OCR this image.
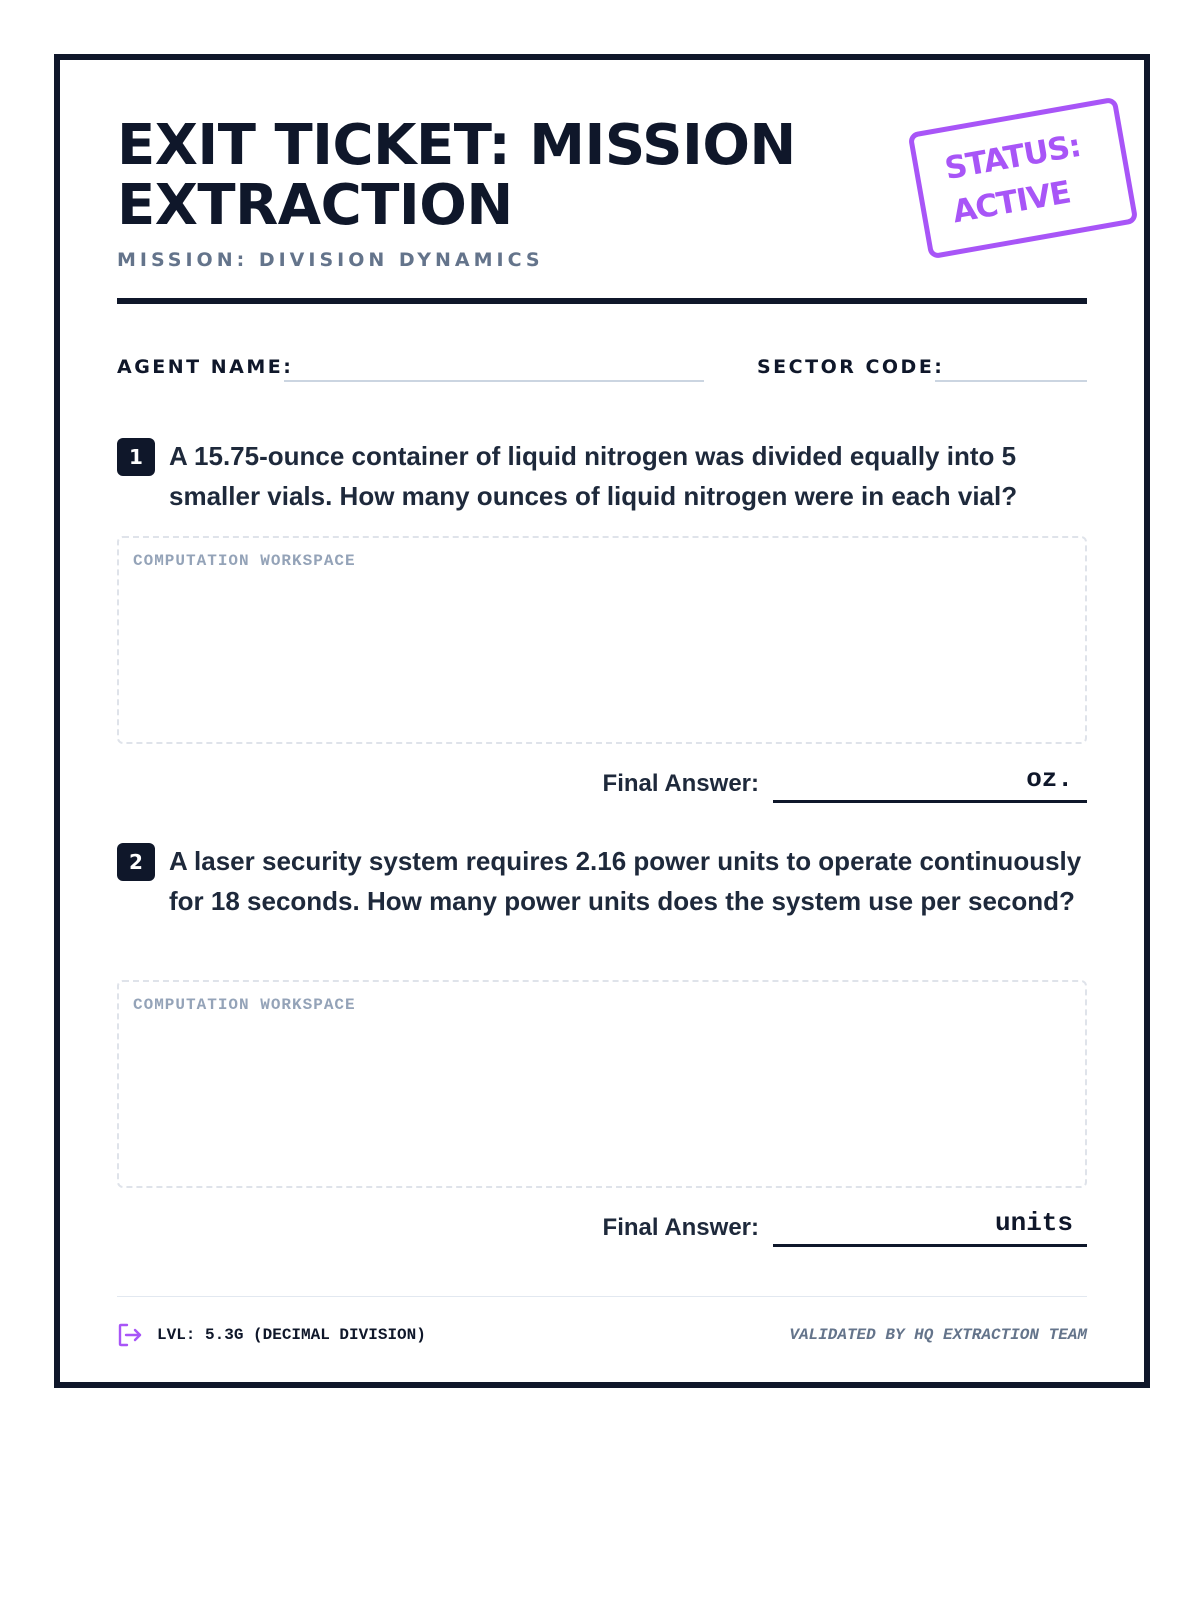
EXIT TICKET: MISSION EXTRACTION
MISSION: DIVISION DYNAMICS
STATUS: ACTIVE
AGENT NAME:	SECTOR CODE:
1	A 15.75-ounce container of liquid nitrogen was divided equally into 5 smaller vials. How many ounces of liquid nitrogen were in each vial?
COMPUTATION WORKSPACE
Final Answer:	oz.
2	A laser security system requires 2.16 power units to operate continuously for 18 seconds. How many power units does the system use per second?
COMPUTATION WORKSPACE
Final Answer:	units
LVL: 5.3G (DECIMAL DIVISION)	VALIDATED BY HQ EXTRACTION TEAM
